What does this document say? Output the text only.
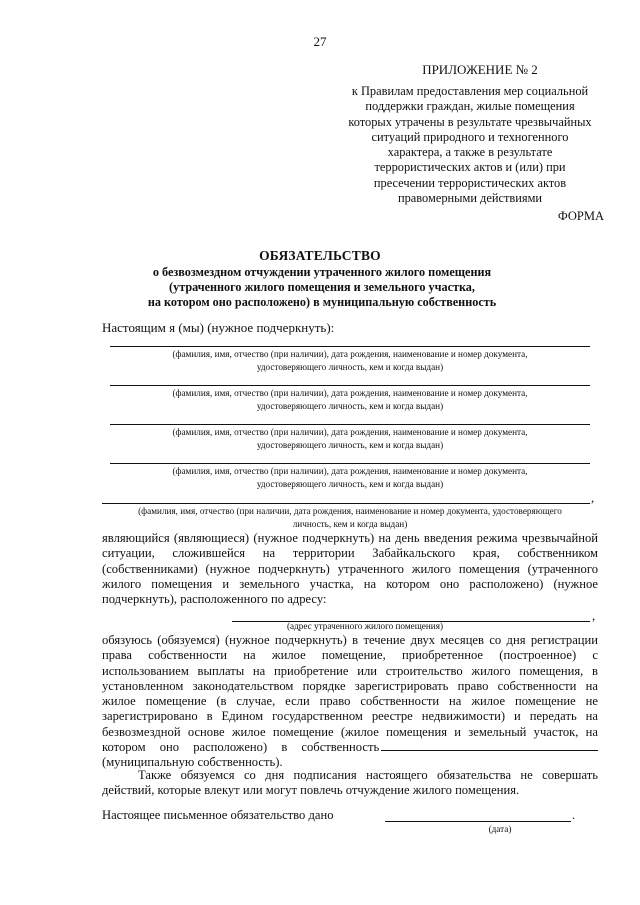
27
ПРИЛОЖЕНИЕ № 2
к Правилам предоставления мер социальной
поддержки граждан, жилые помещения
которых утрачены в результате чрезвычайных
ситуаций природного и техногенного
характера, а также в результате
террористических актов и (или) при
пресечении террористических актов
правомерными действиями
ФОРМА
ОБЯЗАТЕЛЬСТВО
о безвозмездном отчуждении утраченного жилого помещения
(утраченного жилого помещения и земельного участка,
на котором оно расположено) в муниципальную собственность
Настоящим я (мы) (нужное подчеркнуть):
(фамилия, имя, отчество (при наличии), дата рождения, наименование и номер документа,
удостоверяющего личность, кем и когда выдан)
(фамилия, имя, отчество (при наличии), дата рождения, наименование и номер документа,
удостоверяющего личность, кем и когда выдан)
(фамилия, имя, отчество (при наличии), дата рождения, наименование и номер документа,
удостоверяющего личность, кем и когда выдан)
(фамилия, имя, отчество (при наличии), дата рождения, наименование и номер документа,
удостоверяющего личность, кем и когда выдан)
,
(фамилия, имя, отчество (при наличии, дата рождения, наименование и номер документа, удостоверяющего
личность, кем и когда выдан)
являющийся (являющиеся) (нужное подчеркнуть) на день введения режима чрезвычайной
ситуации, сложившейся на территории Забайкальского края, собственником
(собственниками) (нужное подчеркнуть) утраченного жилого помещения (утраченного
жилого помещения и земельного участка, на котором оно расположено) (нужное
подчеркнуть), расположенного по адресу:
,
(адрес утраченного жилого помещения)
обязуюсь (обязуемся) (нужное подчеркнуть) в течение двух месяцев со дня регистрации
права собственности на жилое помещение, приобретенное (построенное) с
использованием выплаты на приобретение или строительство жилого помещения, в
установленном законодательством порядке зарегистрировать право собственности на
жилое помещение (в случае, если право собственности на жилое помещение не
зарегистрировано в Едином государственном реестре недвижимости) и передать на
безвозмездной основе жилое помещение (жилое помещения и земельный участок, на
котором оно расположено) в собственность
(муниципальную собственность).
Также обязуемся со дня подписания настоящего обязательства не совершать
действий, которые влекут или могут повлечь отчуждение жилого помещения.
Настоящее письменное обязательство дано	.
(дата)
